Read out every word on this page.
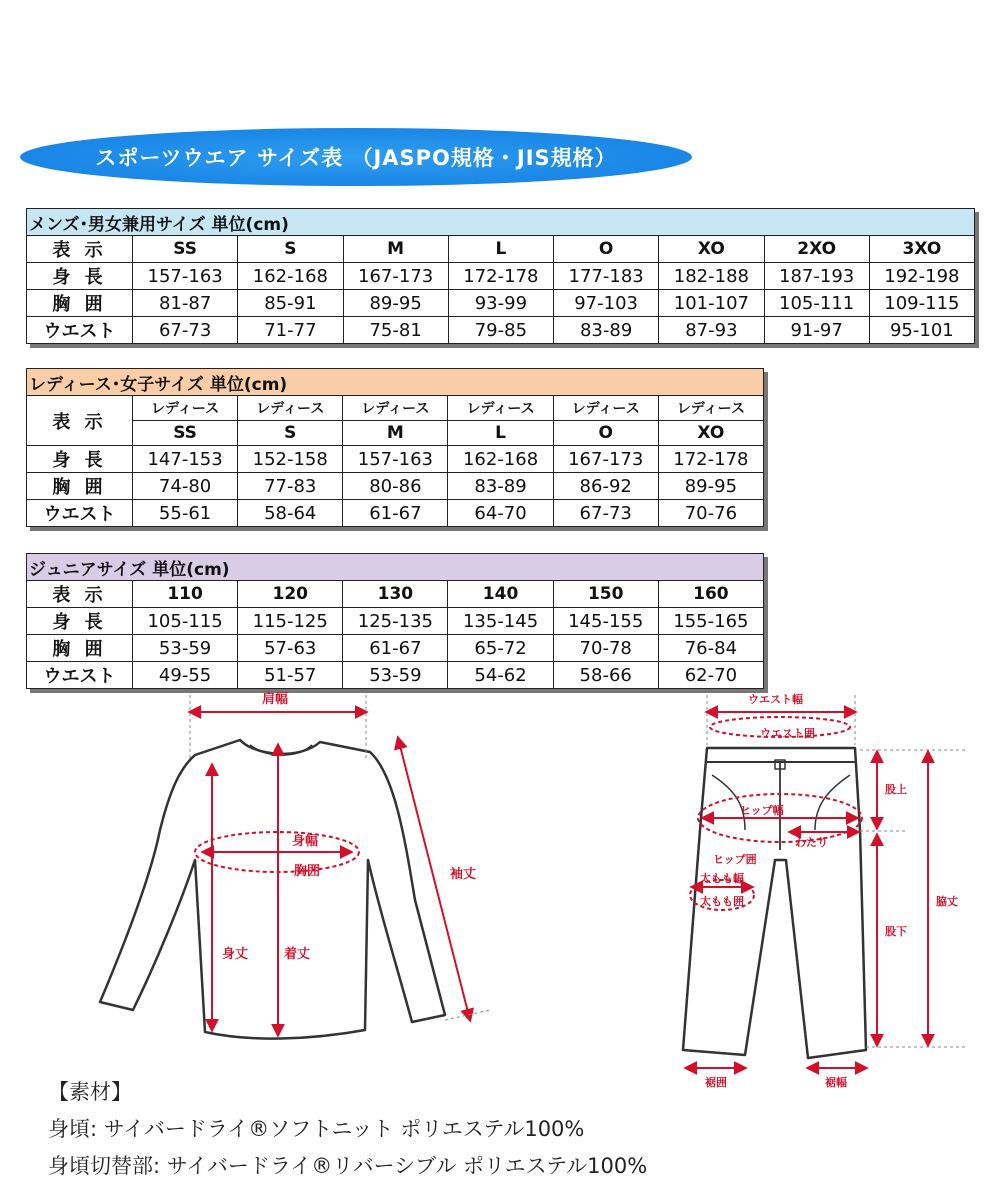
スポーツウエア サイズ表 （JASPO規格・JIS規格）
メンズ･男女兼用サイズ 単位(cm)								
表 示	SS	S	M	L	O	XO	2XO	3XO
身 長	157-163	162-168	167-173	172-178	177-183	182-188	187-193	192-198
胸 囲	81-87	85-91	89-95	93-99	97-103	101-107	105-111	109-115
ウエスト	67-73	71-77	75-81	79-85	83-89	87-93	91-97	95-101
レディース･女子サイズ 単位(cm)						
表 示	レディース	レディース	レディース	レディース	レディース	レディース
	SS	S	M	L	O	XO
身 長	147-153	152-158	157-163	162-168	167-173	172-178
胸 囲	74-80	77-83	80-86	83-89	86-92	89-95
ウエスト	55-61	58-64	61-67	64-70	67-73	70-76
ジュニアサイズ 単位(cm)						
表 示	110	120	130	140	150	160
身 長	105-115	115-125	125-135	135-145	145-155	155-165
胸 囲	53-59	57-63	61-67	65-72	70-78	76-84
ウエスト	49-55	51-57	53-59	54-62	58-66	62-70
肩幅
身幅
胸囲	袖丈
身丈	着丈
ウエスト幅
ウエスト囲
股上
ヒップ幅
わたり
ヒップ囲
太もも幅
太もも囲
股下
脇丈
裾囲	裾幅
【素材】
身頃: サイバードライ®ソフトニット ポリエステル100%
身頃切替部: サイバードライ®リバーシブル ポリエステル100%
